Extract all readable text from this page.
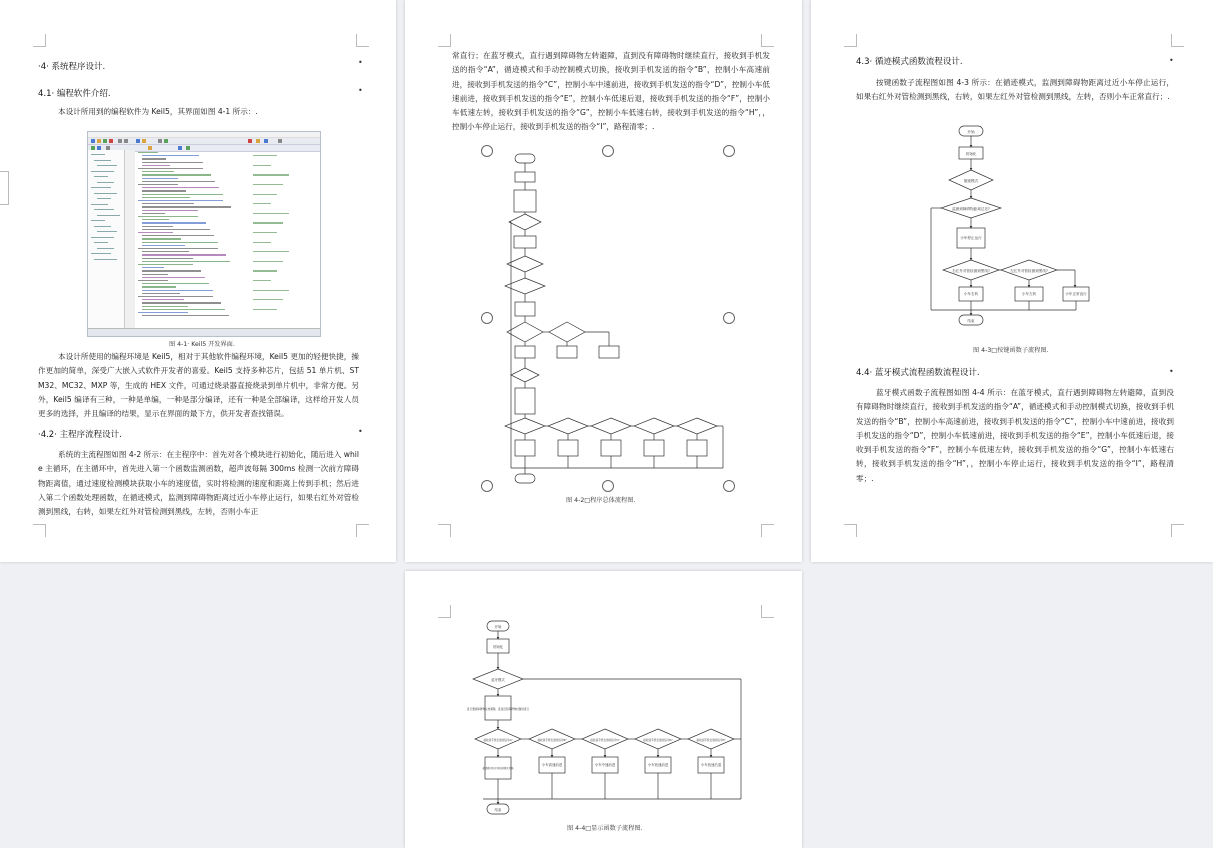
·4· 系统程序设计.	•
4.1· 编程软件介绍.	•
本设计所用到的编程软件为 Keil5，其界面如图 4-1 所示：.
图 4-1· Keil5 开发界面.
本设计所使用的编程环境是 Keil5，相对于其他软件编程环境，Keil5 更加的轻便快捷，操作更加的简单，深受广大嵌入式软件开发者的喜爱。Keil5 支持多种芯片，包括 51 单片机、STM32、MC32、MXP 等，生成的 HEX 文件，可通过烧录器直接烧录到单片机中，非常方便。另外，Keil5 编译有三种，一种是单编，一种是部分编译，还有一种是全部编译，这样给开发人员更多的选择，并且编译的结果，显示在界面的最下方，供开发者查找错误。
·4.2· 主程序流程设计.	•
系统的主流程图如图 4-2 所示：在主程序中：首先对各个模块进行初始化，随后进入 while 主循环，在主循环中，首先进入第一个函数监测函数，超声波每隔 300ms 检测一次前方障碍物距离值，通过速度检测模块获取小车的速度值，实时将检测的速度和距离上传到手机；然后进入第二个函数处理函数，在循迹模式，监测到障碍物距离过近小车停止运行，如果右红外对管检测到黑线，右转，如果左红外对管检测到黑线，左转，否则小车正
常直行；在蓝牙模式，直行遇到障碍物左转避障，直到没有障碍物时继续直行，接收到手机发送的指令“A”，循迹模式和手动控制模式切换，接收到手机发送的指令“B”，控制小车高速前进，接收到手机发送的指令“C”，控制小车中速前进，接收到手机发送的指令“D”，控制小车低速前进，接收到手机发送的指令“E”，控制小车低速后退，接收到手机发送的指令“F”，控制小车低速左转，接收到手机发送的指令“G”，控制小车低速右转，接收到手机发送的指令“H”，，控制小车停止运行，接收到手机发送的指令“I”，路程清零；.
图 4-2□程序总体流程图.
4.3· 循迹模式函数流程设计.	•
按键函数子流程图如图 4-3 所示：在循迹模式，监测到障碍物距离过近小车停止运行，如果右红外对管检测到黑线，右转，如果左红外对管检测到黑线，左转，否则小车正常直行；.
开始
初始化
循迹模式
监测到障碍物距离过近?
小车停止运行
右红外对管检测到黑线?	左红外对管检测到黑线?
小车右转	小车左转	小车正常直行
结束
图 4-3□按键函数子流程图.
4.4· 蓝牙模式流程函数流程设计.	•
蓝牙模式函数子流程图如图 4-4 所示：在蓝牙模式，直行遇到障碍物左转避障，直到没有障碍物时继续直行，接收到手机发送的指令“A”，循迹模式和手动控制模式切换，接收到手机发送的指令“B”，控制小车高速前进，接收到手机发送的指令“C”，控制小车中速前进，接收到手机发送的指令“D”，控制小车低速前进，接收到手机发送的指令“E”，控制小车低速后退，接收到手机发送的指令“F”，控制小车低速左转，接收到手机发送的指令“G”，控制小车低速右转，接收到手机发送的指令“H”，，控制小车停止运行，接收到手机发送的指令“I”，路程清零；.
开始
初始化
蓝牙模式
直行遇到障碍物左转避障，直到没有障碍物时继续直行
接收到手机发送的指令A?	接收到手机发送的指令B?	接收到手机发送的指令C?	接收到手机发送的指令D?	接收到手机发送的指令E?
循迹模式和手动控制模式切换
小车高速前进	小车中速前进	小车低速前进	小车低速后退
结束
图 4-4□显示函数子流程图.
